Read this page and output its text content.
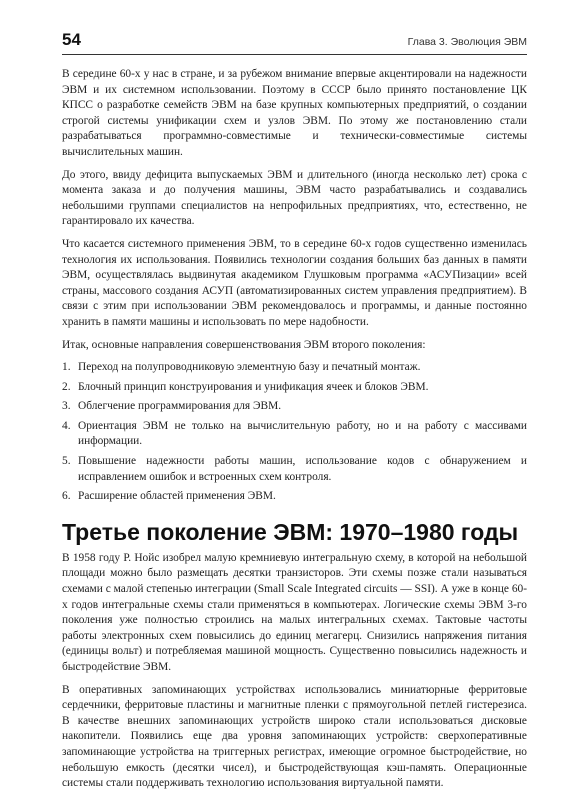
54	Глава 3. Эволюция ЭВМ

В середине 60-х у нас в стране, и за рубежом внимание впервые акцентировали на надежности ЭВМ и их системном использовании. Поэтому в СССР было принято постановление ЦК КПСС о разработке семейств ЭВМ на базе крупных компьютерных предприятий, о создании строгой системы унификации схем и узлов ЭВМ. По этому же постановлению стали разрабатываться программно-совместимые и технически-совместимые системы вычислительных машин.

До этого, ввиду дефицита выпускаемых ЭВМ и длительного (иногда несколько лет) срока с момента заказа и до получения машины, ЭВМ часто разрабатывались и создавались небольшими группами специалистов на непрофильных предприятиях, что, естественно, не гарантировало их качества.

Что касается системного применения ЭВМ, то в середине 60-х годов существенно изменилась технология их использования. Появились технологии создания больших баз данных в памяти ЭВМ, осуществлялась выдвинутая академиком Глушковым программа «АСУПизации» всей страны, массового создания АСУП (автоматизированных систем управления предприятием). В связи с этим при использовании ЭВМ рекомендовалось и программы, и данные постоянно хранить в памяти машины и использовать по мере надобности.

Итак, основные направления совершенствования ЭВМ второго поколения:

1. Переход на полупроводниковую элементную базу и печатный монтаж.
2. Блочный принцип конструирования и унификация ячеек и блоков ЭВМ.
3. Облегчение программирования для ЭВМ.
4. Ориентация ЭВМ не только на вычислительную работу, но и на работу с массивами информации.
5. Повышение надежности работы машин, использование кодов с обнаружением и исправлением ошибок и встроенных схем контроля.
6. Расширение областей применения ЭВМ.
Третье поколение ЭВМ: 1970–1980 годы

В 1958 году Р. Нойс изобрел малую кремниевую интегральную схему, в которой на небольшой площади можно было размещать десятки транзисторов. Эти схемы позже стали называться схемами с малой степенью интеграции (Small Scale Integrated circuits — SSI). А уже в конце 60-х годов интегральные схемы стали применяться в компьютерах. Логические схемы ЭВМ 3-го поколения уже полностью строились на малых интегральных схемах. Тактовые частоты работы электронных схем повысились до единиц мегагерц. Снизились напряжения питания (единицы вольт) и потребляемая машиной мощность. Существенно повысились надежность и быстродействие ЭВМ.

В оперативных запоминающих устройствах использовались миниатюрные ферритовые сердечники, ферритовые пластины и магнитные пленки с прямоугольной петлей гистерезиса. В качестве внешних запоминающих устройств широко стали использоваться дисковые накопители. Появились еще два уровня запоминающих устройств: сверхоперативные запоминающие устройства на триггерных регистрах, имеющие огромное быстродействие, но небольшую емкость (десятки чисел), и быстродействующая кэш-память. Операционные системы стали поддерживать технологию использования виртуальной памяти.
